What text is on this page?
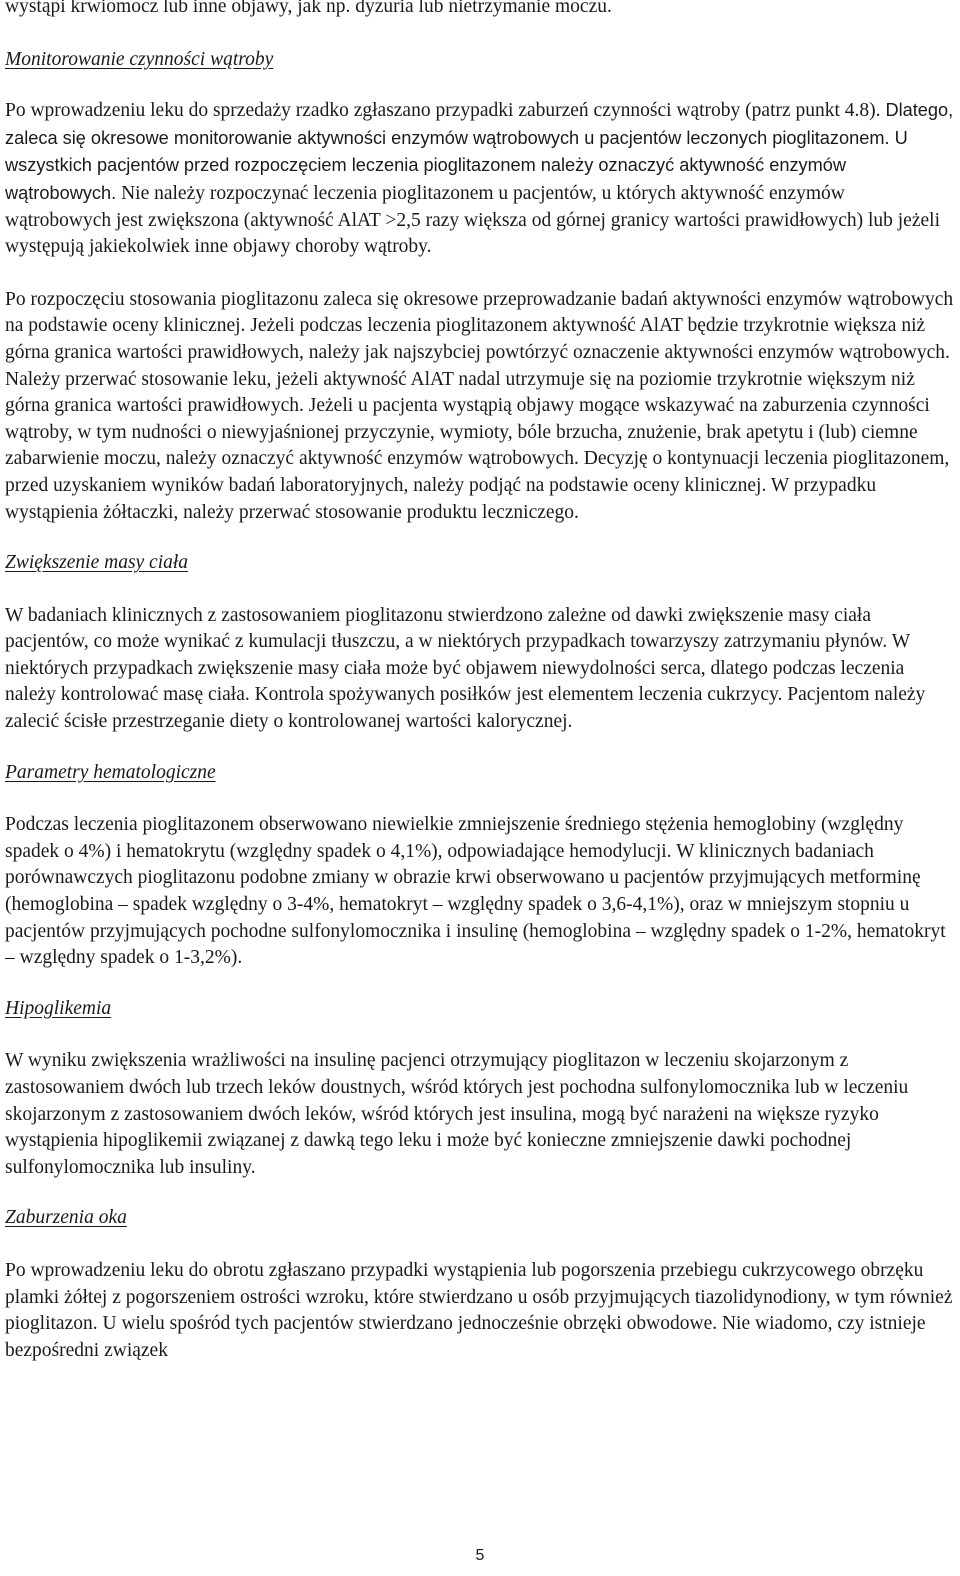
wystąpi krwiomocz lub inne objawy, jak np. dyzuria lub nietrzymanie moczu.

Monitorowanie czynności wątroby

Po wprowadzeniu leku do sprzedaży rzadko zgłaszano przypadki zaburzeń czynności wątroby (patrz punkt 4.8). Dlatego, zaleca się okresowe monitorowanie aktywności enzymów wątrobowych u pacjentów leczonych pioglitazonem. U wszystkich pacjentów przed rozpoczęciem leczenia pioglitazonem należy oznaczyć aktywność enzymów wątrobowych. Nie należy rozpoczynać leczenia pioglitazonem u pacjentów, u których aktywność enzymów wątrobowych jest zwiększona (aktywność AlAT >2,5 razy większa od górnej granicy wartości prawidłowych) lub jeżeli występują jakiekolwiek inne objawy choroby wątroby.

Po rozpoczęciu stosowania pioglitazonu zaleca się okresowe przeprowadzanie badań aktywności enzymów wątrobowych na podstawie oceny klinicznej. Jeżeli podczas leczenia pioglitazonem aktywność AlAT będzie trzykrotnie większa niż górna granica wartości prawidłowych, należy jak najszybciej powtórzyć oznaczenie aktywności enzymów wątrobowych. Należy przerwać stosowanie leku, jeżeli aktywność AlAT nadal utrzymuje się na poziomie trzykrotnie większym niż górna granica wartości prawidłowych. Jeżeli u pacjenta wystąpią objawy mogące wskazywać na zaburzenia czynności wątroby, w tym nudności o niewyjaśnionej przyczynie, wymioty, bóle brzucha, znużenie, brak apetytu i (lub) ciemne zabarwienie moczu, należy oznaczyć aktywność enzymów wątrobowych. Decyzję o kontynuacji leczenia pioglitazonem, przed uzyskaniem wyników badań laboratoryjnych, należy podjąć na podstawie oceny klinicznej. W przypadku wystąpienia żółtaczki, należy przerwać stosowanie produktu leczniczego.

Zwiększenie masy ciała

W badaniach klinicznych z zastosowaniem pioglitazonu stwierdzono zależne od dawki zwiększenie masy ciała pacjentów, co może wynikać z kumulacji tłuszczu, a w niektórych przypadkach towarzyszy zatrzymaniu płynów. W niektórych przypadkach zwiększenie masy ciała może być objawem niewydolności serca, dlatego podczas leczenia należy kontrolować masę ciała. Kontrola spożywanych posiłków jest elementem leczenia cukrzycy. Pacjentom należy zalecić ścisłe przestrzeganie diety o kontrolowanej wartości kalorycznej.

Parametry hematologiczne

Podczas leczenia pioglitazonem obserwowano niewielkie zmniejszenie średniego stężenia hemoglobiny (względny spadek o 4%) i hematokrytu (względny spadek o 4,1%), odpowiadające hemodylucji. W klinicznych badaniach porównawczych pioglitazonu podobne zmiany w obrazie krwi obserwowano u pacjentów przyjmujących metforminę (hemoglobina – spadek względny o 3-4%, hematokryt – względny spadek o 3,6-4,1%), oraz w mniejszym stopniu u pacjentów przyjmujących pochodne sulfonylomocznika i insulinę (hemoglobina – względny spadek o 1-2%, hematokryt – względny spadek o 1-3,2%).

Hipoglikemia

W wyniku zwiększenia wrażliwości na insulinę pacjenci otrzymujący pioglitazon w leczeniu skojarzonym z zastosowaniem dwóch lub trzech leków doustnych, wśród których jest pochodna sulfonylomocznika lub w leczeniu skojarzonym z zastosowaniem dwóch leków, wśród których jest insulina, mogą być narażeni na większe ryzyko wystąpienia hipoglikemii związanej z dawką tego leku i może być konieczne zmniejszenie dawki pochodnej sulfonylomocznika lub insuliny.

Zaburzenia oka

Po wprowadzeniu leku do obrotu zgłaszano przypadki wystąpienia lub pogorszenia przebiegu cukrzycowego obrzęku plamki żółtej z pogorszeniem ostrości wzroku, które stwierdzano u osób przyjmujących tiazolidynodiony, w tym również pioglitazon. U wielu spośród tych pacjentów stwierdzano jednocześnie obrzęki obwodowe. Nie wiadomo, czy istnieje bezpośredni związek

5
